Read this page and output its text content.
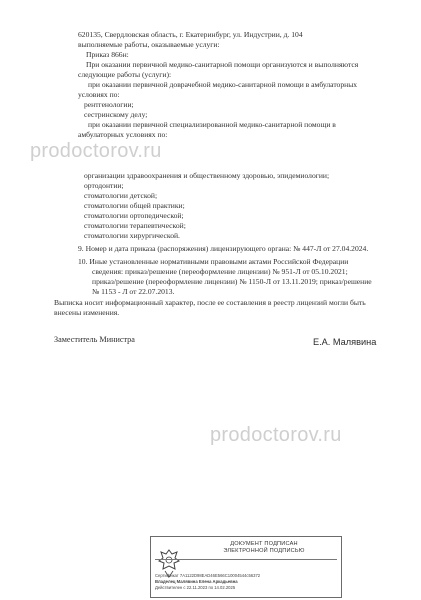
prodoctorov.ru
prodoctorov.ru

620135, Свердловская область, г. Екатеринбург, ул. Индустрии, д. 104

выполняемые работы, оказываемые услуги:

Приказ 866н:

При оказании первичной медико-санитарной помощи организуются и выполняются

следующие работы (услуги):

при оказании первичной доврачебной медико-санитарной помощи в амбулаторных

условиях по:

рентгенологии;

сестринскому делу;

при оказании первичной специализированной медико-санитарной помощи в

амбулаторных условиях по:

организации здравоохранения и общественному здоровью, эпидемиологии;

ортодонтии;

стоматологии детской;

стоматологии общей практики;

стоматологии ортопедической;

стоматологии терапевтической;

стоматологии хирургической.

9. Номер и дата приказа (распоряжения) лицензирующего органа: № 447-Л от 27.04.2024.

10. Иные установленные нормативными правовыми актами Российской Федерации

сведения: приказ/решение (переоформление лицензии) № 951-Л от 05.10.2021;

приказ/решение (переоформление лицензии) № 1150-Л от 13.11.2019; приказ/решение

№ 1153 - Л от 22.07.2013.

Выписка носит информационный характер, после ее составления в реестр лицензий могли быть

внесены изменения.

Заместитель Министра	Е.А. Малявина
ДОКУМЕНТ ПОДПИСАН
ЭЛЕКТРОННОЙ ПОДПИСЬЮ
Сертификат 7A1122D98EAD46E566C10004544c56372
Владелец Малявина Елена Аркадьевна
Действителен с 22.11.2023 по 14.02.2025
